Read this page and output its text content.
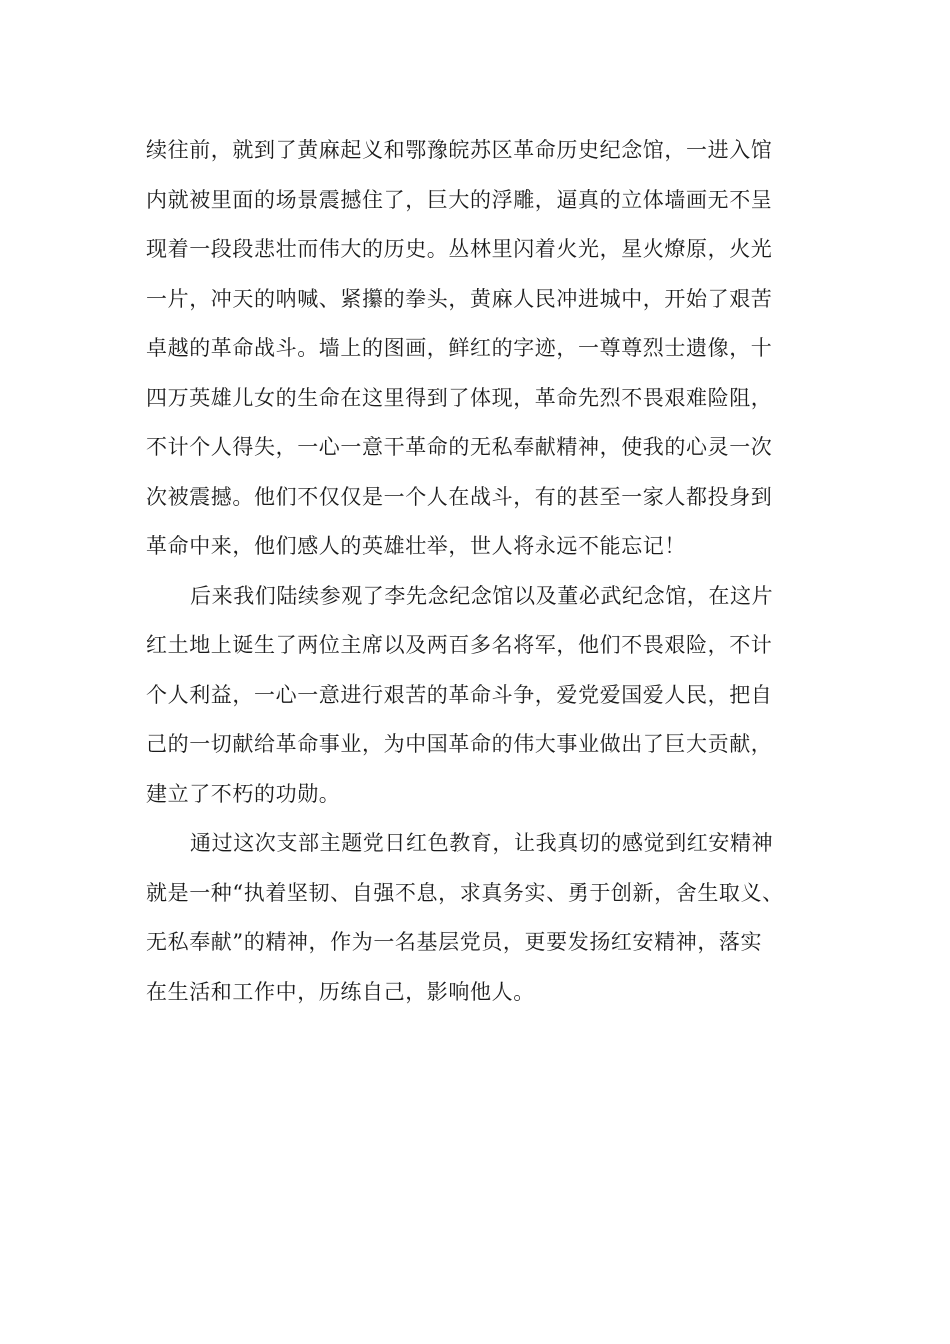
续往前，就到了黄麻起义和鄂豫皖苏区革命历史纪念馆，一进入馆
内就被里面的场景震撼住了，巨大的浮雕，逼真的立体墙画无不呈
现着一段段悲壮而伟大的历史。丛林里闪着火光，星火燎原，火光
一片，冲天的呐喊、紧攥的拳头，黄麻人民冲进城中，开始了艰苦
卓越的革命战斗。墙上的图画，鲜红的字迹，一尊尊烈士遗像，十
四万英雄儿女的生命在这里得到了体现，革命先烈不畏艰难险阻，
不计个人得失，一心一意干革命的无私奉献精神，使我的心灵一次
次被震撼。他们不仅仅是一个人在战斗，有的甚至一家人都投身到
革命中来，他们感人的英雄壮举，世人将永远不能忘记！
后来我们陆续参观了李先念纪念馆以及董必武纪念馆，在这片
红土地上诞生了两位主席以及两百多名将军，他们不畏艰险，不计
个人利益，一心一意进行艰苦的革命斗争，爱党爱国爱人民，把自
己的一切献给革命事业，为中国革命的伟大事业做出了巨大贡献，
建立了不朽的功勋。
通过这次支部主题党日红色教育，让我真切的感觉到红安精神
就是一种“执着坚韧、自强不息，求真务实、勇于创新，舍生取义、
无私奉献”的精神，作为一名基层党员，更要发扬红安精神，落实
在生活和工作中，历练自己，影响他人。
